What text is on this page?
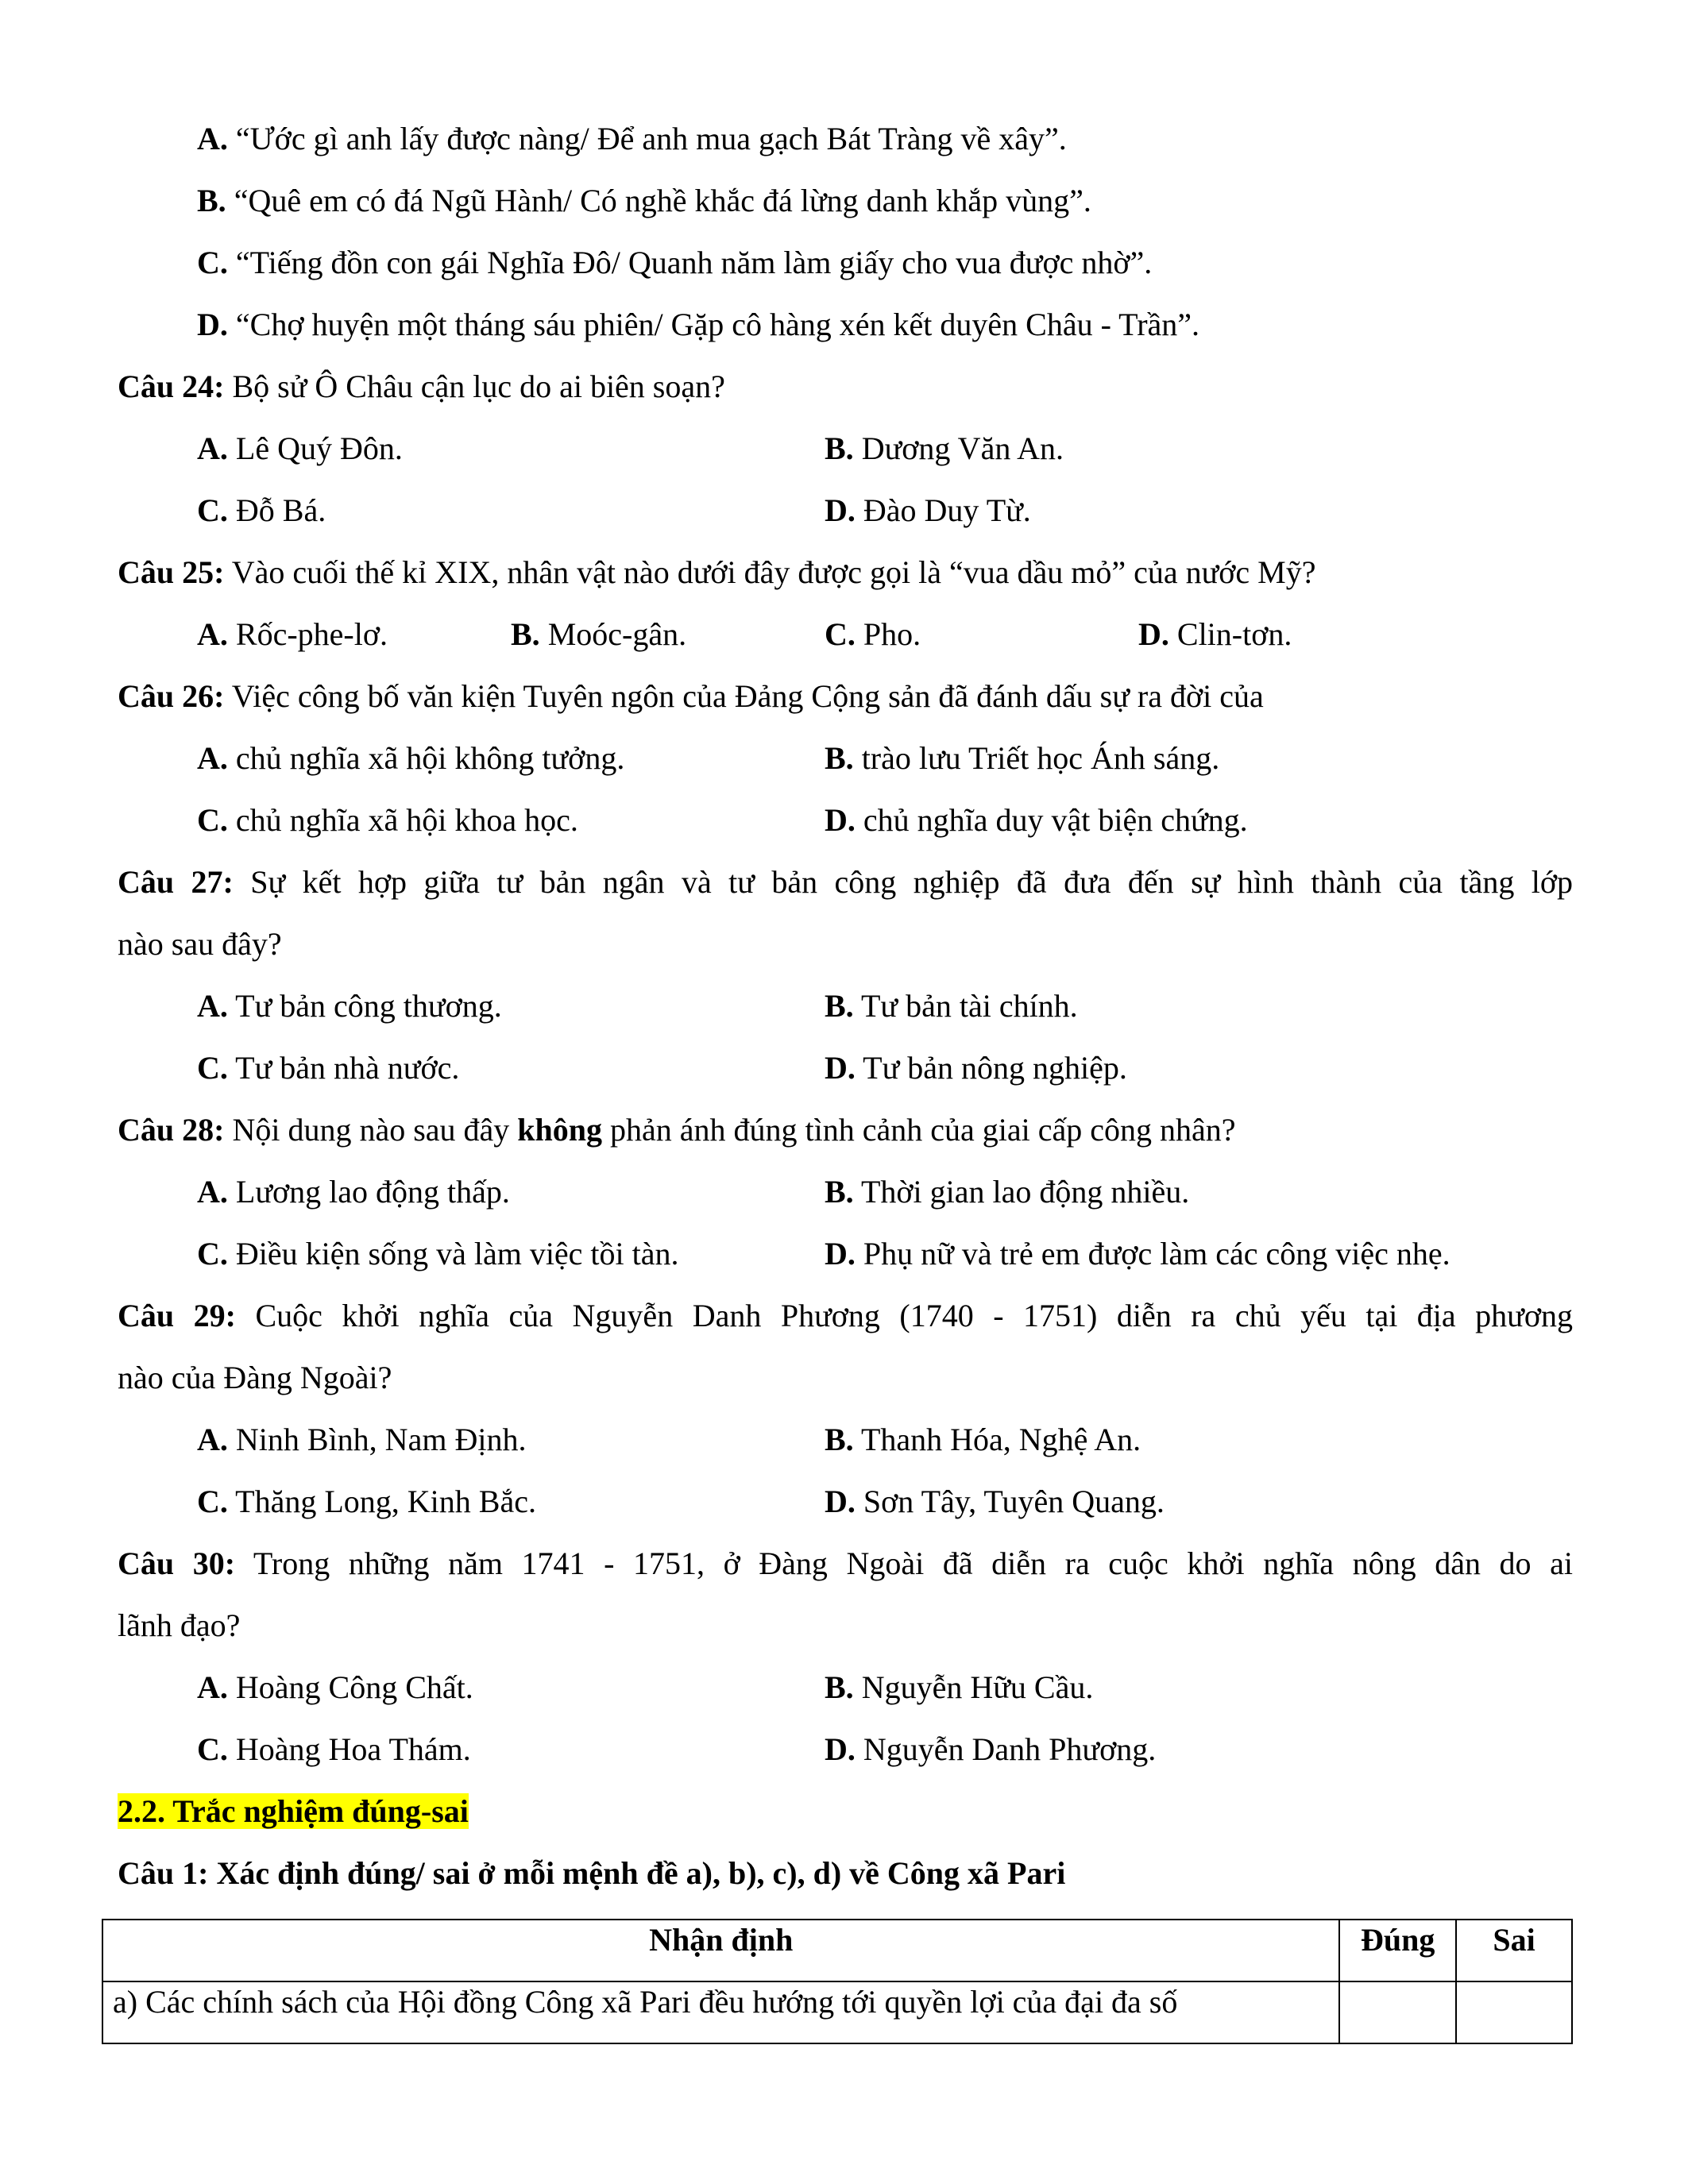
A. “Ước gì anh lấy được nàng/ Để anh mua gạch Bát Tràng về xây”.
B. “Quê em có đá Ngũ Hành/ Có nghề khắc đá lừng danh khắp vùng”.
C. “Tiếng đồn con gái Nghĩa Đô/ Quanh năm làm giấy cho vua được nhờ”.
D. “Chợ huyện một tháng sáu phiên/ Gặp cô hàng xén kết duyên Châu - Trần”.
Câu 24: Bộ sử Ô Châu cận lục do ai biên soạn?
A. Lê Quý Đôn.	B. Dương Văn An.
C. Đỗ Bá.	D. Đào Duy Từ.
Câu 25: Vào cuối thế kỉ XIX, nhân vật nào dưới đây được gọi là “vua dầu mỏ” của nước Mỹ?
A. Rốc-phe-lơ.	B. Moóc-gân.	C. Pho.	D. Clin-tơn.
Câu 26: Việc công bố văn kiện Tuyên ngôn của Đảng Cộng sản đã đánh dấu sự ra đời của
A. chủ nghĩa xã hội không tưởng.	B. trào lưu Triết học Ánh sáng.
C. chủ nghĩa xã hội khoa học.	D. chủ nghĩa duy vật biện chứng.
Câu 27: Sự kết hợp giữa tư bản ngân và tư bản công nghiệp đã đưa đến sự hình thành của tầng lớp
nào sau đây?
A. Tư bản công thương.	B. Tư bản tài chính.
C. Tư bản nhà nước.	D. Tư bản nông nghiệp.
Câu 28: Nội dung nào sau đây không phản ánh đúng tình cảnh của giai cấp công nhân?
A. Lương lao động thấp.	B. Thời gian lao động nhiều.
C. Điều kiện sống và làm việc tồi tàn.	D. Phụ nữ và trẻ em được làm các công việc nhẹ.
Câu 29: Cuộc khởi nghĩa của Nguyễn Danh Phương (1740 - 1751) diễn ra chủ yếu tại địa phương
nào của Đàng Ngoài?
A. Ninh Bình, Nam Định.	B. Thanh Hóa, Nghệ An.
C. Thăng Long, Kinh Bắc.	D. Sơn Tây, Tuyên Quang.
Câu 30: Trong những năm 1741 - 1751, ở Đàng Ngoài đã diễn ra cuộc khởi nghĩa nông dân do ai
lãnh đạo?
A. Hoàng Công Chất.	B. Nguyễn Hữu Cầu.
C. Hoàng Hoa Thám.	D. Nguyễn Danh Phương.
2.2. Trắc nghiệm đúng-sai
Câu 1: Xác định đúng/ sai ở mỗi mệnh đề a), b), c), d) về Công xã Pari
Nhận định	Đúng	Sai
a) Các chính sách của Hội đồng Công xã Pari đều hướng tới quyền lợi của đại đa số		
